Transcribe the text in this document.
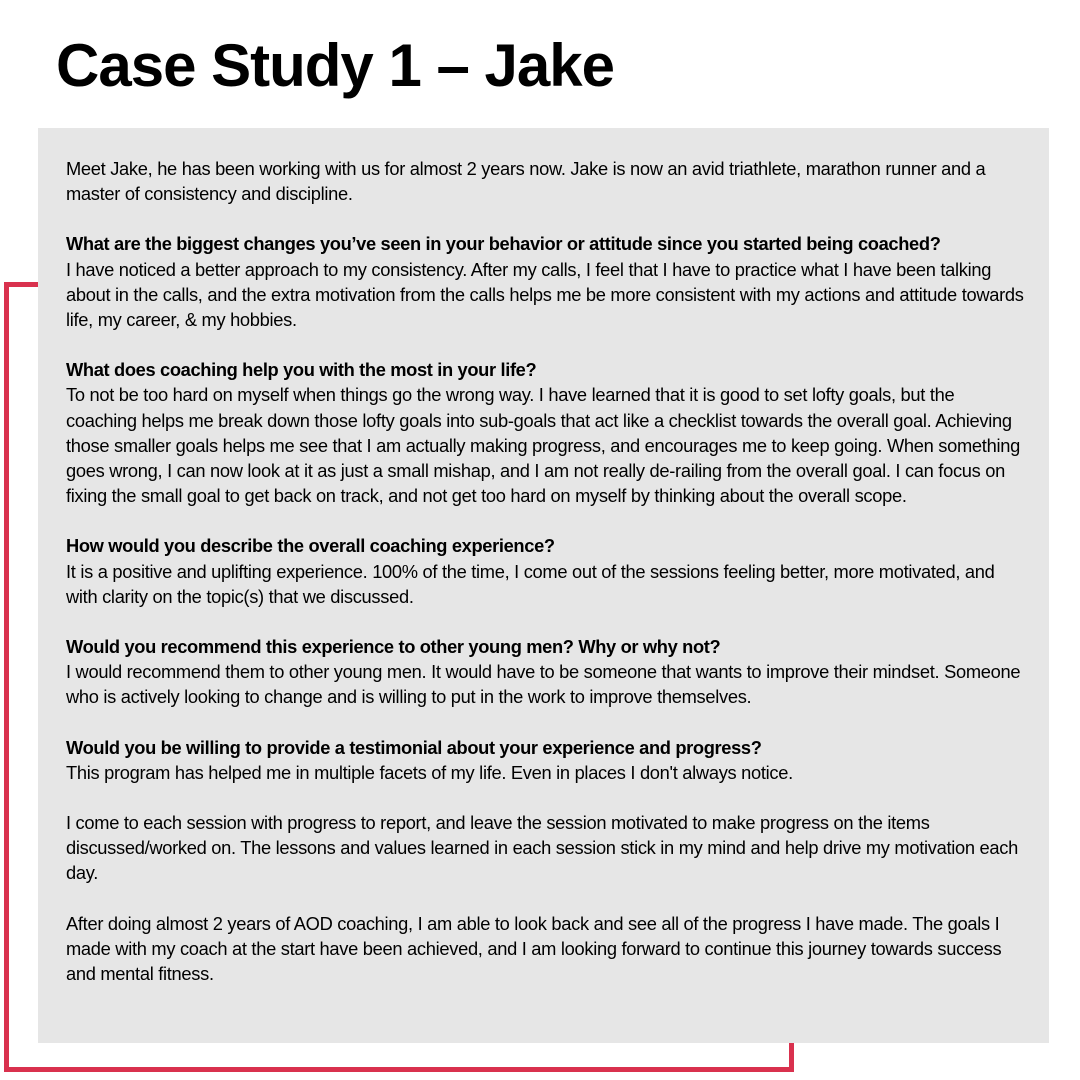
Case Study 1 – Jake

Meet Jake, he has been working with us for almost 2 years now. Jake is now an avid triathlete, marathon runner and a master of consistency and discipline.

What are the biggest changes you’ve seen in your behavior or attitude since you started being coached?

I have noticed a better approach to my consistency. After my calls, I feel that I have to practice what I have been talking about in the calls, and the extra motivation from the calls helps me be more consistent with my actions and attitude towards life, my career, & my hobbies.

What does coaching help you with the most in your life?

To not be too hard on myself when things go the wrong way. I have learned that it is good to set lofty goals, but the coaching helps me break down those lofty goals into sub-goals that act like a checklist towards the overall goal. Achieving those smaller goals helps me see that I am actually making progress, and encourages me to keep going. When something goes wrong, I can now look at it as just a small mishap, and I am not really de-railing from the overall goal. I can focus on fixing the small goal to get back on track, and not get too hard on myself by thinking about the overall scope.

How would you describe the overall coaching experience?

It is a positive and uplifting experience. 100% of the time, I come out of the sessions feeling better, more motivated, and with clarity on the topic(s) that we discussed.

Would you recommend this experience to other young men? Why or why not?

I would recommend them to other young men. It would have to be someone that wants to improve their mindset. Someone who is actively looking to change and is willing to put in the work to improve themselves.

Would you be willing to provide a testimonial about your experience and progress?

This program has helped me in multiple facets of my life. Even in places I don't always notice.

I come to each session with progress to report, and leave the session motivated to make progress on the items discussed/worked on. The lessons and values learned in each session stick in my mind and help drive my motivation each day.

After doing almost 2 years of AOD coaching, I am able to look back and see all of the progress I have made. The goals I made with my coach at the start have been achieved, and I am looking forward to continue this journey towards success and mental fitness.
